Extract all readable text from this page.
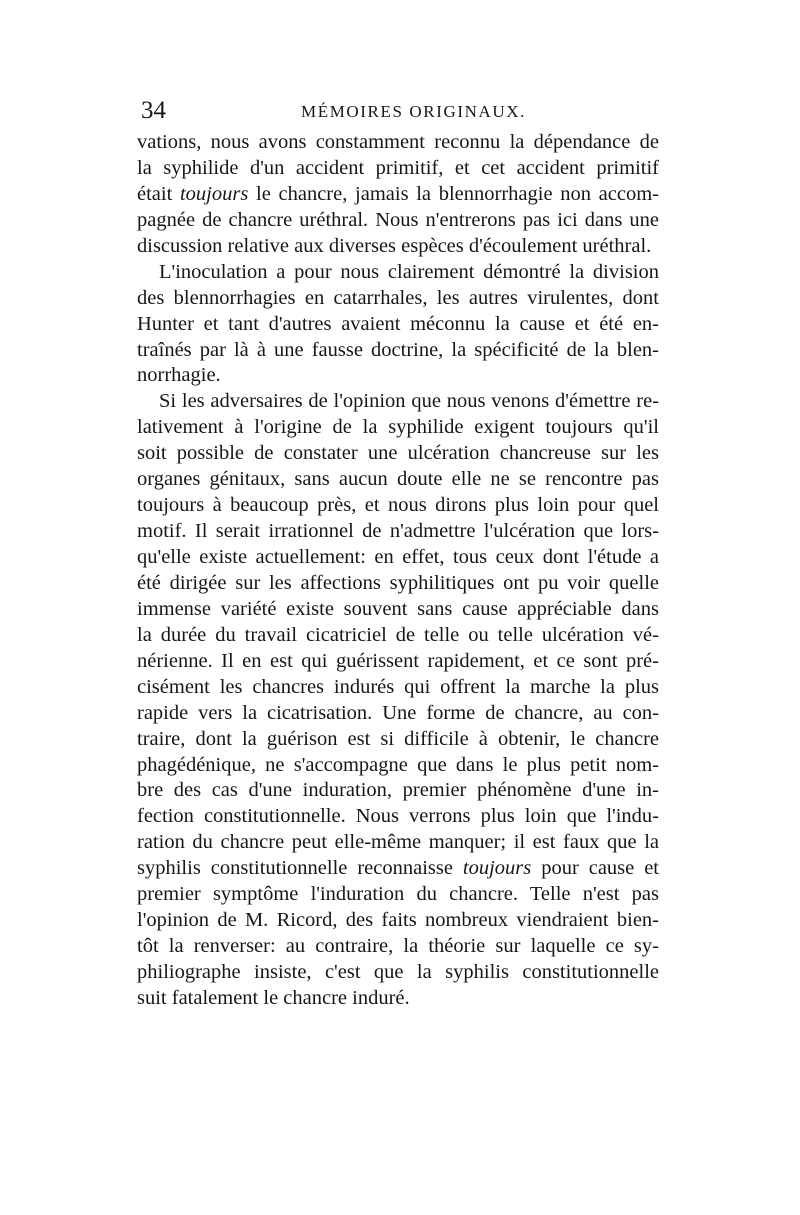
34	MÉMOIRES ORIGINAUX.
vations, nous avons constamment reconnu la dépendance de
la syphilide d'un accident primitif, et cet accident primitif
était toujours le chancre, jamais la blennorrhagie non accom-
pagnée de chancre uréthral. Nous n'entrerons pas ici dans une
discussion relative aux diverses espèces d'écoulement uréthral.
L'inoculation a pour nous clairement démontré la division
des blennorrhagies en catarrhales, les autres virulentes, dont
Hunter et tant d'autres avaient méconnu la cause et été en-
traînés par là à une fausse doctrine, la spécificité de la blen-
norrhagie.
Si les adversaires de l'opinion que nous venons d'émettre re-
lativement à l'origine de la syphilide exigent toujours qu'il
soit possible de constater une ulcération chancreuse sur les
organes génitaux, sans aucun doute elle ne se rencontre pas
toujours à beaucoup près, et nous dirons plus loin pour quel
motif. Il serait irrationnel de n'admettre l'ulcération que lors-
qu'elle existe actuellement: en effet, tous ceux dont l'étude a
été dirigée sur les affections syphilitiques ont pu voir quelle
immense variété existe souvent sans cause appréciable dans
la durée du travail cicatriciel de telle ou telle ulcération vé-
nérienne. Il en est qui guérissent rapidement, et ce sont pré-
cisément les chancres indurés qui offrent la marche la plus
rapide vers la cicatrisation. Une forme de chancre, au con-
traire, dont la guérison est si difficile à obtenir, le chancre
phagédénique, ne s'accompagne que dans le plus petit nom-
bre des cas d'une induration, premier phénomène d'une in-
fection constitutionnelle. Nous verrons plus loin que l'indu-
ration du chancre peut elle-même manquer; il est faux que la
syphilis constitutionnelle reconnaisse toujours pour cause et
premier symptôme l'induration du chancre. Telle n'est pas
l'opinion de M. Ricord, des faits nombreux viendraient bien-
tôt la renverser: au contraire, la théorie sur laquelle ce sy-
philiographe insiste, c'est que la syphilis constitutionnelle
suit fatalement le chancre induré.
